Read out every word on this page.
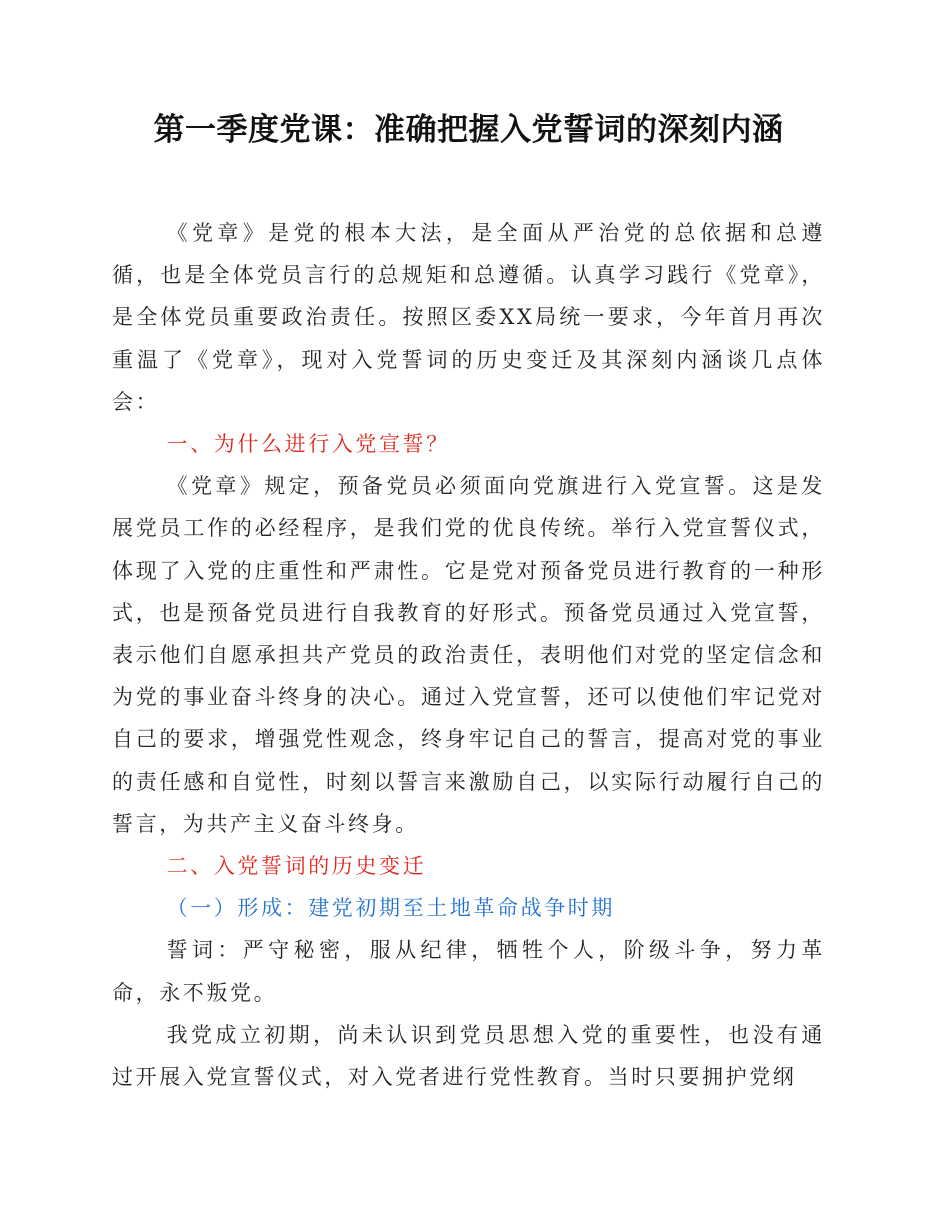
第一季度党课：准确把握入党誓词的深刻内涵

《党章》是党的根本大法，是全面从严治党的总依据和总遵循，也是全体党员言行的总规矩和总遵循。认真学习践行《党章》，是全体党员重要政治责任。按照区委XX局统一要求，今年首月再次重温了《党章》，现对入党誓词的历史变迁及其深刻内涵谈几点体会：

一、为什么进行入党宣誓？

《党章》规定，预备党员必须面向党旗进行入党宣誓。这是发展党员工作的必经程序，是我们党的优良传统。举行入党宣誓仪式，体现了入党的庄重性和严肃性。它是党对预备党员进行教育的一种形式，也是预备党员进行自我教育的好形式。预备党员通过入党宣誓，表示他们自愿承担共产党员的政治责任，表明他们对党的坚定信念和为党的事业奋斗终身的决心。通过入党宣誓，还可以使他们牢记党对自己的要求，增强党性观念，终身牢记自己的誓言，提高对党的事业的责任感和自觉性，时刻以誓言来激励自己，以实际行动履行自己的誓言，为共产主义奋斗终身。

二、入党誓词的历史变迁

（一）形成：建党初期至土地革命战争时期

誓词：严守秘密，服从纪律，牺牲个人，阶级斗争，努力革命，永不叛党。

我党成立初期，尚未认识到党员思想入党的重要性，也没有通过开展入党宣誓仪式，对入党者进行党性教育。当时只要拥护党纲
